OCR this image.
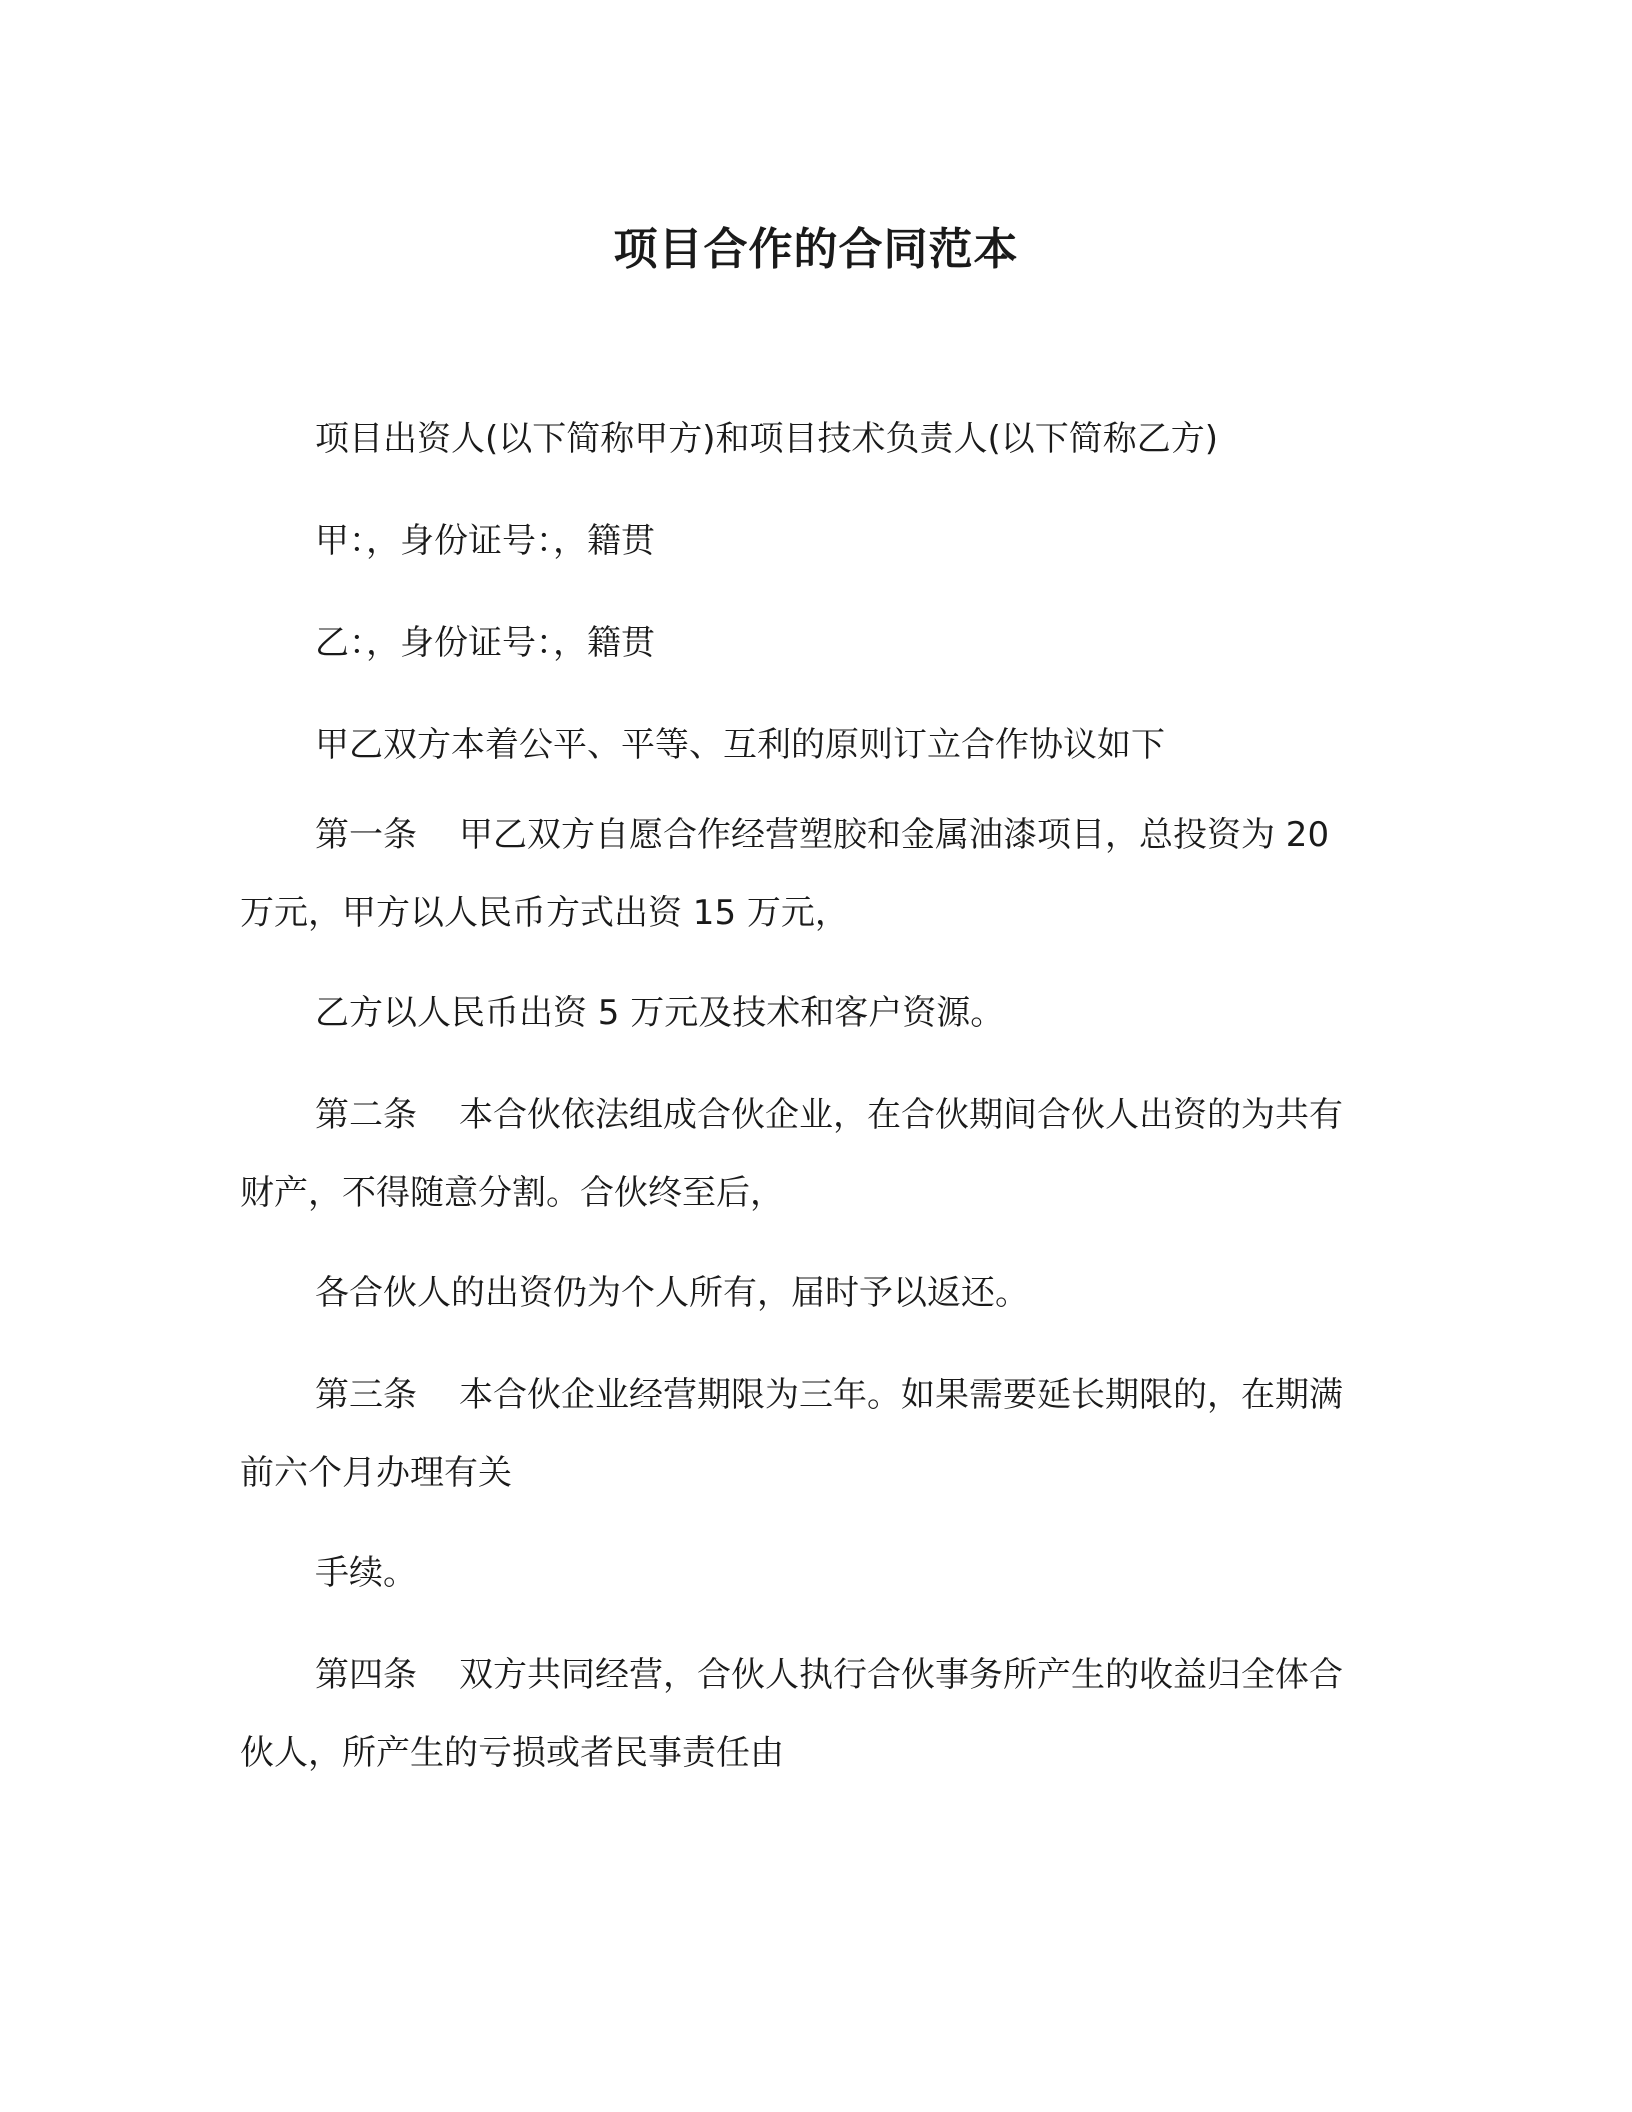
项目合作的合同范本

项目出资人(以下简称甲方)和项目技术负责人(以下简称乙方)

甲：，身份证号：，籍贯

乙：，身份证号：，籍贯

甲乙双方本着公平、平等、互利的原则订立合作协议如下

第一条 甲乙双方自愿合作经营塑胶和金属油漆项目，总投资为 20 万元，甲方以人民币方式出资 15 万元，

乙方以人民币出资 5 万元及技术和客户资源。

第二条 本合伙依法组成合伙企业，在合伙期间合伙人出资的为共有财产，不得随意分割。合伙终至后，

各合伙人的出资仍为个人所有，届时予以返还。

第三条 本合伙企业经营期限为三年。如果需要延长期限的，在期满前六个月办理有关

手续。

第四条 双方共同经营，合伙人执行合伙事务所产生的收益归全体合伙人，所产生的亏损或者民事责任由
